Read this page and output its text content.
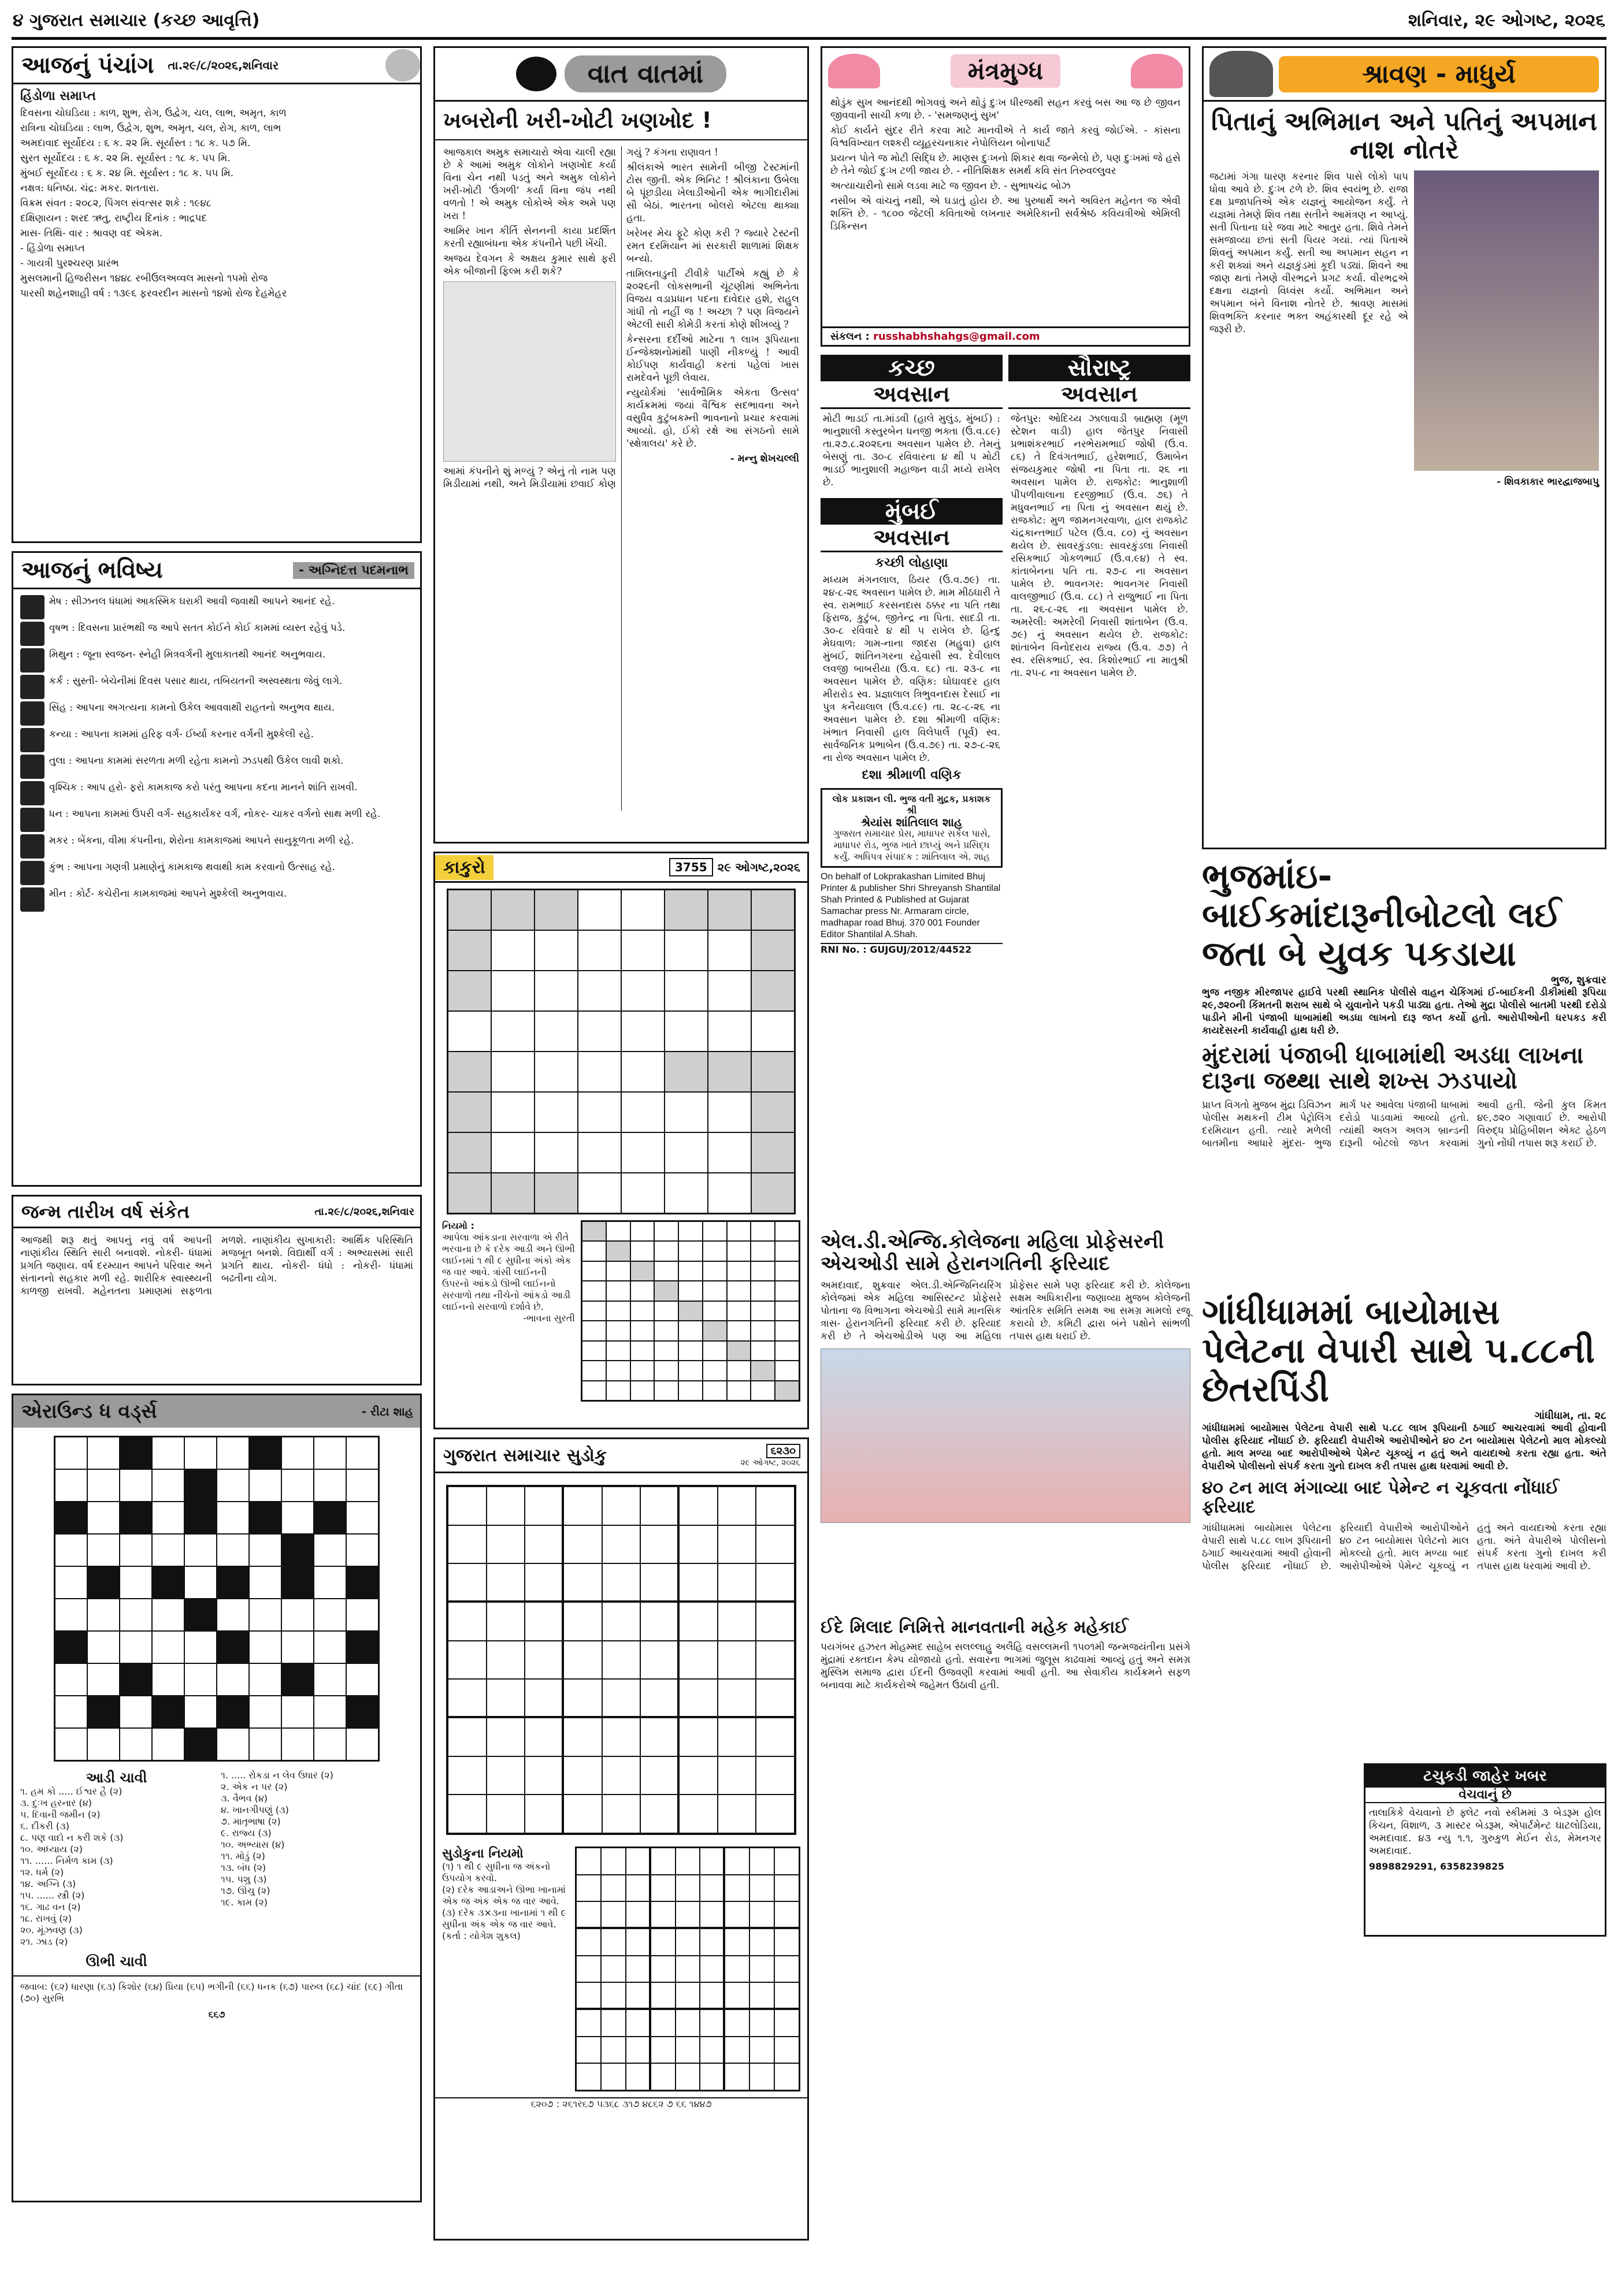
૪ ગુજરાત સમાચાર (કચ્છ આવૃત્તિ)	શનિવાર, ૨૯ ઓગષ્ટ, ૨૦૨૬
આજનું પંચાંગ	તા.૨૯/૮/૨૦૨૬,શનિવાર
હિંડોળા સમાપ્ત

દિવસના ચોઘડિયા : કાળ, શુભ, રોગ, ઉદ્વેગ, ચલ, લાભ, અમૃત, કાળ

રાત્રિના ચોઘડિયા : લાભ, ઉદ્વેગ, શુભ, અમૃત, ચલ, રોગ, કાળ, લાભ

અમદાવાદ સૂર્યોદય : ૬ ક. ૨૨ મિ. સૂર્યાસ્ત : ૧૮ ક. ૫૭ મિ.

સુરત સૂર્યોદય : ૬ ક. ૨૨ મિ. સૂર્યાસ્ત : ૧૮ ક. ૫૫ મિ.

મુંબઈ સૂર્યોદય : ૬ ક. ૨૪ મિ. સૂર્યાસ્ત : ૧૮ ક. ૫૫ મિ.

નક્ષત્ર: ધનિષ્ઠા. ચંદ્ર: મકર. શતતારા.

વિક્રમ સંવત : ૨૦૮૨, પિંગલ સંવત્સર શકે : ૧૯૪૮

દક્ષિણાયન : શરદ ઋતુ, રાષ્ટ્રીય દિનાંક : ભાદ્રપદ

માસ- તિથિ- વાર : શ્રાવણ વદ એકમ.

- હિંડોળા સમાપ્ત

- ગાયત્રી પુરશ્ચરણ પ્રારંભ

મુસલમાની હિજરીસન ૧૪૪૮ રબીઉલઅવ્વલ માસનો ૧૫મો રોજ

પારસી શહેનશાહી વર્ષ : ૧૩૯૬ ફરવરદીન માસનો ૧૪મો રોજ દેહમેહર

આજનું ભવિષ્ય	- અગ્નિદત્ત પદમનાભ
મેષ : સીઝનલ ધંધામાં આકસ્મિક ઘરાકી આવી જવાથી આપને આનંદ રહે.
વૃષભ : દિવસના પ્રારંભથી જ આપે સતત કોઈને કોઈ કામમાં વ્યસ્ત રહેવું પડે.
મિથુન : જૂના સ્વજન- સ્નેહી મિત્રવર્ગની મુલાકાતથી આનંદ અનુભવાય.
કર્ક : સુસ્તી- બેચેનીમાં દિવસ પસાર થાય, તબિયતની અસ્વસ્થતા જેવું લાગે.
સિંહ : આપના અગત્યના કામનો ઉકેલ આવવાથી રાહતનો અનુભવ થાય.
કન્યા : આપના કામમાં હરિફ વર્ગ- ઈર્ષ્યા કરનાર વર્ગની મુશ્કેલી રહે.
તુલા : આપના કામમાં સરળતા મળી રહેતા કામનો ઝડપથી ઉકેલ લાવી શકો.
વૃશ્ચિક : આપ હરો- ફરો કામકાજ કરો પરંતુ આપના કદના માનને શાંતિ રાખવી.
ધન : આપના કામમાં ઉપરી વર્ગ- સહકાર્યકર વર્ગ, નોકર- ચાકર વર્ગનો સાથ મળી રહે.
મકર : બેંકના, વીમા કંપનીના, શેરોના કામકાજમાં આપને સાનુકૂળતા મળી રહે.
કુંભ : આપના ગણત્રી પ્રમાણેનું કામકાજ થવાથી કામ કરવાનો ઉત્સાહ રહે.
મીન : કોર્ટ- કચેરીના કામકાજમાં આપને મુશ્કેલી અનુભવાય.
જન્મ તારીખ વર્ષ સંકેત	તા.૨૯/૮/૨૦૨૬,શનિવાર
આજથી શરૂ થતું આપનું નવું વર્ષ આપની નાણાંકીય સ્થિતિ સારી બનાવશે. નોકરી- ધંધામાં પ્રગતિ જણાય. વર્ષ દરમ્યાન આપને પરિવાર અને સંતાનનો સહકાર મળી રહે. શારીરિક સ્વાસ્થ્યની કાળજી રાખવી. મહેનતના પ્રમાણમાં સફળતા મળશે. નાણાંકીય સુખાકારી: આર્થિક પરિસ્થિતિ મજબૂત બનશે. વિદ્યાર્થી વર્ગ : અભ્યાસમાં સારી પ્રગતિ થાય. નોકરી- ધંધો : નોકરી- ધંધામાં બઢતીના યોગ.
એરાઉન્ડ ધ વર્ડ્સ	- રીટા શાહ
આડી ચાવી
૧. હમ કો ..... ઈશ્વર હૈ (૨)
૩. દુઃખ હરનાર (૪)
૫. દિવાની જમીન (૨)
૬. દીકરી (૩)
૮. પણ વાદો ન કરી શકે (૩)
૧૦. અધ્યાય (૨)
૧૧. ...... નિર્મળ કામ (૩)
૧૨. ધર્મ (૨)
૧૪. અગ્નિ (૩)
૧૫. ...... સ્ત્રી (૨)
૧૬. ગાઢ વન (૨)
૧૮. રાખવું (૨)
૨૦. મૂંઝવણ (૩)
૨૧. ઝાડ (૨)
ઊભી ચાવી
૧. ..... રોકડા ન લેવ ઉધાર (૨)
૨. એક ન પર (૨)
૩. વૈભવ (૪)
૪. ખાનગીપણું (૩)
૭. માતૃભાષા (૨)
૯. રાજ્ય (૩)
૧૦. અભ્યાસ (૪)
૧૧. મોડું (૨)
૧૩. બંધ (૨)
૧૫. પશુ (૩)
૧૭. ઊંચુ (૨)
૧૯. કામ (૨)
જવાબ: (૬૨) ધારણા (૬૩) કિશોર (૬૪) પ્રિયા (૬૫) ભગીની (૬૬) ધનક (૬૭) પારુલ (૬૮) ચાંદ (૬૯) ગીતા (૭૦) સુરભિ
૬૬૭
વાત વાતમાં
ખબરોની ખરી-ખોટી ખણખોદ !

આજકાલ અમુક સમાચારો એવા ચાલી રહ્યા છે કે આમાં અમુક લોકોને ખણખોદ કર્યા વિના ચેન નથી પડતું અને અમુક લોકોને ખરી-ખોટી 'ઉંગળી' કર્યા વિના જંપ નથી વળતો ! એ અમુક લોકોએ એક અમે પણ ખરા !

આમિર ખાન કીર્તિ સેનનની કાયા પ્રદર્શિત કરતી રહ્યાબંધના એક કંપનીને પછી ખેંચી.

અજય દેવગન કે અક્ષય કુમાર સાથે ફરી એક બીજાની ફિલ્મ કરી શકે?

આમાં કંપનીને શું મળ્યું ? એનું તો નામ પણ મિડીયામાં નથી, અને મિડીયામાં છવાઈ કોણ ગયું ? કંગના રાણાવત !

શ્રીલંકાએ ભારત સામેની બીજી ટેસ્ટમાંની ટોસ જીતી. એક ભિનિટ ! શ્રીલંકાના ઉબેલા બે પૂંછડીયા ખેલાડીઓની એક ભાગીદારીમાં સૌ બેઠાં. ભારતના બોલરો એટલા થાક્યા હતા.

ખરેખર મેચ ફૂટે કોણ કરી ? જ્યારે ટેસ્ટની રમત દરમિયાન માં સરકારી શાળામાં શિક્ષક બન્યો.

તામિલનાડુની ટીવીકે પાર્ટીએ કહ્યું છે કે ૨૦૨૬ની લોકસભાની ચૂંટણીમાં અભિનેતા વિજય વડાપ્રધાન પદના દાવેદાર હશે, રાહુલ ગાંધી તો નહીં જ ! અચ્છા ? પણ વિજયને એટલી સારી કોમેડી કરતાં કોણે શીખવ્યું ?

કેન્સરના દર્દીઓ માટેના ૧ લાખ રૂપિયાના ઈન્જેક્શનોમાંથી પાણી નીકળ્યું ! આવી કોઈપણ કાર્યવાહી કરતાં પહેલાં ખાસ રામદેવને પૂછી લેવાય.

ન્યુયોર્કમાં 'સાર્વભૌમિક એકતા ઉત્સવ' કાર્યક્રમમાં જયાં વૈશ્વિક સદભાવના અને વસુધૈવ કુટુંબકમ્ની ભાવનાનો પ્રચાર કરવામાં આવ્યો. હો, ઈકો રક્ષે આ સંગઠનો સામે 'સ્ક્ષેત્રાલય' કરે છે.

- મન્નુ શેખચલ્લી

કાકુરો	3755 ૨૯ ઓગષ્ટ,૨૦૨૬
નિયમો :
આપેલા આંકડાના સરવાળા એ રીતે ભરવાના છે કે દરેક આડી અને ઊભી લાઈનમાં ૧ થી ૯ સુધીના અંકો એક જ વાર આવે. ત્રાંસી લાઈનની ઉપરનો આંકડો ઊભી લાઈનનો સરવાળો તથા નીચેનો આંકડો આડી લાઈનનો સરવાળો દર્શાવે છે.
-ભાવના સુરતી
ગુજરાત સમાચાર સુડોકુ	૬૨૩૦
૨૯ ઓગષ્ટ, ૨૦૨૬
સુડોકુના નિયમો
(૧) ૧ થી ૯ સુધીના જ અંકનો ઉપયોગ કરવો.
(૨) દરેક આડાઅને ઊભા ખાનામાં એક જ અંક એક જ વાર આવે.
(૩) દરેક ૩×૩ના ખાનામાં ૧ થી ૯ સુધીના અંક એક જ વાર આવે.
(કર્તા : યોગેશ શુકલ)
૬૨૦૭ : ૨૬૧ર૬૭ ૫૩૬૮ ૩૧૭ ૪૮૬૨ ૭ ૬૬ ૧૪૪૭
મંત્રમુગ્ધ

થોડુંક સુખ આનંદથી ભોગવવું અને થોડું દુઃખ ધીરજથી સહન કરવું બસ આ જ છે જીવન જીવવાની સાચી કળા છે. - 'સમજણનું સુખ'

કોઈ કાર્યને સુંદર રીતે કરવા માટે માનવીએ તે કાર્ય જાતે કરવું જોઈએ. - કાંસના વિશ્વવિખ્યાત લશ્કરી વ્યૂહરચનાકાર નેપોલિયન બોનાપાર્ટ

પ્રયત્ન પોતે જ મોટી સિદ્ધિ છે. માણસ દુઃખનો શિકાર થવા જન્મેલો છે, પણ દુઃખમાં જે હસે છે તેને જોઈ દુઃખ ટળી જાય છે. - નીતિશિક્ષક સમર્થ કવિ સંત તિરુવલ્લુવર

અત્યાચારીનો સામે લડવા માટે જ જીવન છે. - સુભાષચંદ્ર બોઝ

નસીબ એ વાંચનું નથી, એ ઘડાતું હોય છે. આ પુરુષાર્થે અને અવિરત મહેનત જ એવી શક્તિ છે. - ૧૮૦૦ જેટલી કવિતાઓ લખનાર અમેરિકાની સર્વશ્રેષ્ઠ કવિયત્રીઓ એમિલી ડિકિન્સન

સંકલન : russhabhshahgs@gmail.com
કચ્છ
અવસાન
મોટી ભાડઈ તા.માંડવી (હાલે મુલુંડ, મુંબઈ) : ભાનુશાલી કસ્તુરબેન ધનજી ભક્તા (ઉ.વ.૮૯) તા.૨૭.૮.૨૦૨૬ના અવસાન પામેલ છે. તેમનું બેસણું તા. ૩૦-૮ રવિવારના ૪ થી ૫ મોટી ભાડઈ ભાનુશાલી મહાજન વાડી મધ્યે રાખેલ છે.
મુંબઈ
અવસાન
કચ્છી લોહાણા
મધ્યમ મંગનલાલ, ઠિયર (ઉ.વ.૭૯) તા. ૨૪-૮-૨૬ અવસાન પામેલ છે. મામ મીઠઘારી તે સ્વ. રામભાઈ કરસનદાસ ઠક્કર ના પતિ તથા ફિરાજ, કુટુંબ, જીતેન્દ્ર ના પિતા. સાદડી તા. ૩૦-૮ રવિવારે ૪ થી ૫ રાખેલ છે. હિન્દુ મેઘવાળ: ગામ-નાના જાદરા (મહુવા) હાલ મુંબઈ, શાંતિનગરના રહેવાસી સ્વ. દેવીલાલ લવજી બાબરીયા (ઉ.વ. ૬૮) તા. ૨૩-૮ ના અવસાન પામેલ છે. વણિક: ઘોઘાવદર હાલ મીરારોડ સ્વ. પ્રજ્ઞાલાલ ત્રિભુવનદાસ દેસાઈ ના પુત્ર કનૈયાલાલ (ઉ.વ.૮૯) તા. ૨૮-૮-૨૬ ના અવસાન પામેલ છે. દશા શ્રીમાળી વણિક: ખંભાત નિવાસી હાલ વિલેપાર્લે (પૂર્વ) સ્વ. સાર્વજનિક પ્રભાબેન (ઉ.વ.૭૯) તા. ૨૭-૮-૨૬ ના રોજ અવસાન પામેલ છે.
દશા શ્રીમાળી વણિક
લોક પ્રકાશન લી. ભુજ વતી મુદ્રક, પ્રકાશક શ્રી
શ્રેયાંસ શાંતિલાલ શાહ
ગુજરાત સમાચાર પ્રેસ, માધાપર સર્કલ પાસે, માધાપર રોડ, ભુજ ખાતે છાપ્યું અને પ્રસિદ્ધ કર્યું. અધિપત્ર સંપાદક : શાંતિલાલ એ. શાહ
On behalf of Lokprakashan Limited Bhuj Printer & publisher Shri Shreyansh Shantilal Shah Printed & Published at Gujarat Samachar press Nr. Armaram circle, madhapar road Bhuj. 370 001 Founder Editor Shantilal A.Shah.
RNI No. : GUJGUJ/2012/44522
સૌરાષ્ટ્ર
અવસાન
જેતપુર: ઓદિચ્ય ઝાલાવાડી બ્રાહ્મણ (મૂળ સ્ટેશન વાડી) હાલ જેતપુર નિવાસી પ્રભાશંકરભાઈ નરભેરામભાઈ જોષી (ઉ.વ. ૮૬) તે દિવંગતભાઈ, હરેશભાઈ, ઉમાબેન સંજયકુમાર જોષી ના પિતા તા. ૨૬ ના અવસાન પામેલ છે. રાજકોટ: ભાનુશાળી પીપળીવાલાના દરજીભાઈ (ઉ.વ. ૭૬) તે મધુવનભાઈ ના પિતા નું અવસાન થયું છે. રાજકોટ: મુળ જામનગરવાળા, હાલ રાજકોટ ચંદ્રકાન્તભાઈ પટેલ (ઉ.વ. ૮૦) નું અવસાન થયેલ છે. સાવરકુંડલા: સાવરકુંડલા નિવાસી રસિકભાઈ ગોકળભાઈ (ઉ.વ.૯૪) તે સ્વ. કાંતાબેનના પતિ તા. ૨૭-૮ ના અવસાન પામેલ છે. ભાવનગર: ભાવનગર નિવાસી વાલજીભાઈ (ઉ.વ. ૮૮) તે રાજુભાઈ ના પિતા તા. ૨૬-૮-૨૬ ના અવસાન પામેલ છે. અમરેલી: અમરેલી નિવાસી શાંતાબેન (ઉ.વ. ૭૯) નું અવસાન થયેલ છે. રાજકોટ: શાંતાબેન વિનોદરાય રાજ્ય (ઉ.વ. ૭૭) તે સ્વ. રસિકભાઈ, સ્વ. કિશોરભાઈ ના માતુશ્રી તા. ૨૫-૮ ના અવસાન પામેલ છે.
એલ.ડી.એન્જિ.કોલેજના મહિલા પ્રોફેસરની એચઓડી સામે હેરાનગતિની ફરિયાદ
અમદાવાદ, શુક્રવાર એલ.ડી.એન્જિનિયરિંગ કોલેજમાં એક મહિલા આસિસ્ટન્ટ પ્રોફેસરે પોતાના જ વિભાગના એચઓડી સામે માનસિક ત્રાસ- હેરાનગતિની ફરિયાદ કરી છે. ફરિયાદ કરી છે તે એચઓડીએ પણ આ મહિલા પ્રોફેસર સામે પણ ફરિયાદ કરી છે. કોલેજના સક્ષમ અધિકારીના જણાવ્યા મુજબ કોલેજની આંતરિક સમિતિ સમક્ષ આ સમગ્ર મામલો રજૂ કરાયો છે. કમિટી દ્વારા બંને પક્ષોને સાંભળી તપાસ હાથ ધરાઈ છે.
ઈદે મિલાદ નિમિત્તે માનવતાની મહેક મહેકાઈ
પયગંબર હઝરત મોહમ્મદ સાહેબ સલલ્લાહુ અલૈહિ વસલ્લમની ૧૫૦૧મી જન્મજયંતીના પ્રસંગે મુંદ્રામાં રક્તદાન કેમ્પ યોજાયો હતો. સવારના ભાગમાં જુલૂસ કાઢવામાં આવ્યું હતું અને સમગ્ર મુસ્લિમ સમાજ દ્વારા ઈદની ઉજવણી કરવામાં આવી હતી. આ સેવાકીય કાર્યક્રમને સફળ બનાવવા માટે કાર્યકરોએ જહેમત ઉઠાવી હતી.
શ્રાવણ - માધુર્ય
પિતાનું અભિમાન અને પતિનું અપમાન નાશ નોતરે
જટામાં ગંગા ધારણ કરનાર શિવ પાસે લોકો પાપ ધોવા આવે છે. દુઃખ ટળે છે. શિવ સ્વયંભૂ છે. રાજા દક્ષ પ્રજાપતિએ એક યજ્ઞનું આયોજન કર્યું. તે યજ્ઞમાં તેમણે શિવ તથા સતીને આમંત્રણ ન આપ્યું. સતી પિતાના ઘરે જવા માટે આતુર હતા. શિવે તેમને સમજાવ્યા છતાં સતી પિયર ગયાં. ત્યાં પિતાએ શિવનું અપમાન કર્યું. સતી આ અપમાન સહન ન કરી શક્યાં અને યજ્ઞકુંડમાં કૂદી પડ્યાં. શિવને આ જાણ થતાં તેમણે વીરભદ્રને પ્રગટ કર્યા. વીરભદ્રએ દક્ષના યજ્ઞનો વિધ્વંસ કર્યો. અભિમાન અને અપમાન બંને વિનાશ નોતરે છે. શ્રાવણ માસમાં શિવભક્તિ કરનાર ભક્ત અહંકારથી દૂર રહે એ જરૂરી છે.
- શિવકાકાર ભારદ્વાજબાપુ
ભુજમાંઇ-બાઈકમાંદારૂનીબોટલો લઈ જતા બે યુવક પકડાયા
ભુજ, શુક્રવાર
ભુજ નજીક મીરજાપર હાઈવે પરથી સ્થાનિક પોલીસે વાહન ચેકિંગમાં ઈ-બાઈકની ડીકીમાંથી રૂપિયા ૨૯,૭૨૦ની કિંમતની શરાબ સાથે બે યુવાનોને પકડી પાડ્યા હતા. તેઓ મુદ્રા પોલીસે બાતમી પરથી દરોડો પાડીને મીની પંજાબી ધાબામાંથી અડધા લાખનો દારૂ જપ્ત કર્યો હતો. આરોપીઓની ધરપકડ કરી કાયદેસરની કાર્યવાહી હાથ ધરી છે.
મુંદરામાં પંજાબી ધાબામાંથી અડધા લાખના દારૂના જથ્થા સાથે શખ્સ ઝડપાયો
પ્રાપ્ત વિગતો મુજબ મુંદ્રા ડિવિઝન પોલીસ મથકની ટીમ પેટ્રોલિંગ દરમિયાન હતી. ત્યારે મળેલી બાતમીના આધારે મુંદરા- ભુજ માર્ગ પર આવેલા પંજાબી ધાબામાં દરોડો પાડવામાં આવ્યો હતો. ત્યાંથી અલગ અલગ બ્રાન્ડની દારૂની બોટલો જપ્ત કરવામાં આવી હતી. જેની કુલ કિંમત ૪૯,૭૨૦ ગણાવાઈ છે. આરોપી વિરુદ્ધ પ્રોહિબીશન એક્ટ હેઠળ ગુનો નોંધી તપાસ શરૂ કરાઈ છે.
ગાંધીધામમાં બાયોમાસ પેલેટના વેપારી સાથે ૫.૮૮ની છેતરપિંડી
ગાંધીધામ, તા. ૨૮
ગાંધીધામમાં બાયોમાસ પેલેટના વેપારી સાથે ૫.૮૮ લાખ રૂપિયાની ઠગાઈ આચરવામાં આવી હોવાની પોલીસ ફરિયાદ નોંધાઈ છે. ફરિયાદી વેપારીએ આરોપીઓને ૪૦ ટન બાયોમાસ પેલેટનો માલ મોકલ્યો હતો. માલ મળ્યા બાદ આરોપીઓએ પેમેન્ટ ચૂકવ્યું ન હતું અને વાયદાઓ કરતા રહ્યા હતા. અંતે વેપારીએ પોલીસનો સંપર્ક કરતા ગુનો દાખલ કરી તપાસ હાથ ધરવામાં આવી છે.
૪૦ ટન માલ મંગાવ્યા બાદ પેમેન્ટ ન ચૂકવતા નોંધાઈ ફરિયાદ
ગાંધીધામમાં બાયોમાસ પેલેટના વેપારી સાથે ૫.૮૮ લાખ રૂપિયાની ઠગાઈ આચરવામાં આવી હોવાની પોલીસ ફરિયાદ નોંધાઈ છે. ફરિયાદી વેપારીએ આરોપીઓને ૪૦ ટન બાયોમાસ પેલેટનો માલ મોકલ્યો હતો. માલ મળ્યા બાદ આરોપીઓએ પેમેન્ટ ચૂકવ્યું ન હતું અને વાયદાઓ કરતા રહ્યા હતા. અંતે વેપારીએ પોલીસનો સંપર્ક કરતા ગુનો દાખલ કરી તપાસ હાથ ધરવામાં આવી છે.
ટચુકડી જાહેર ખબર
વેચવાનું છે
તાલાકિકે વેચવાનો છે ફ્લેટ નવો સ્કીમમાં ૩ બેડરૂમ હોલ કિચન, વિશાળ, ૩ માસ્ટર બેડરૂમ, એપાર્ટમેન્ટ ઘાટલોડિયા, અમદાવાદ. ૪૩ ન્યુ ૧.૧, ગુરુકુળ મેઈન રોડ, મેમનગર અમદાવાદ.
9898829291, 6358239825
